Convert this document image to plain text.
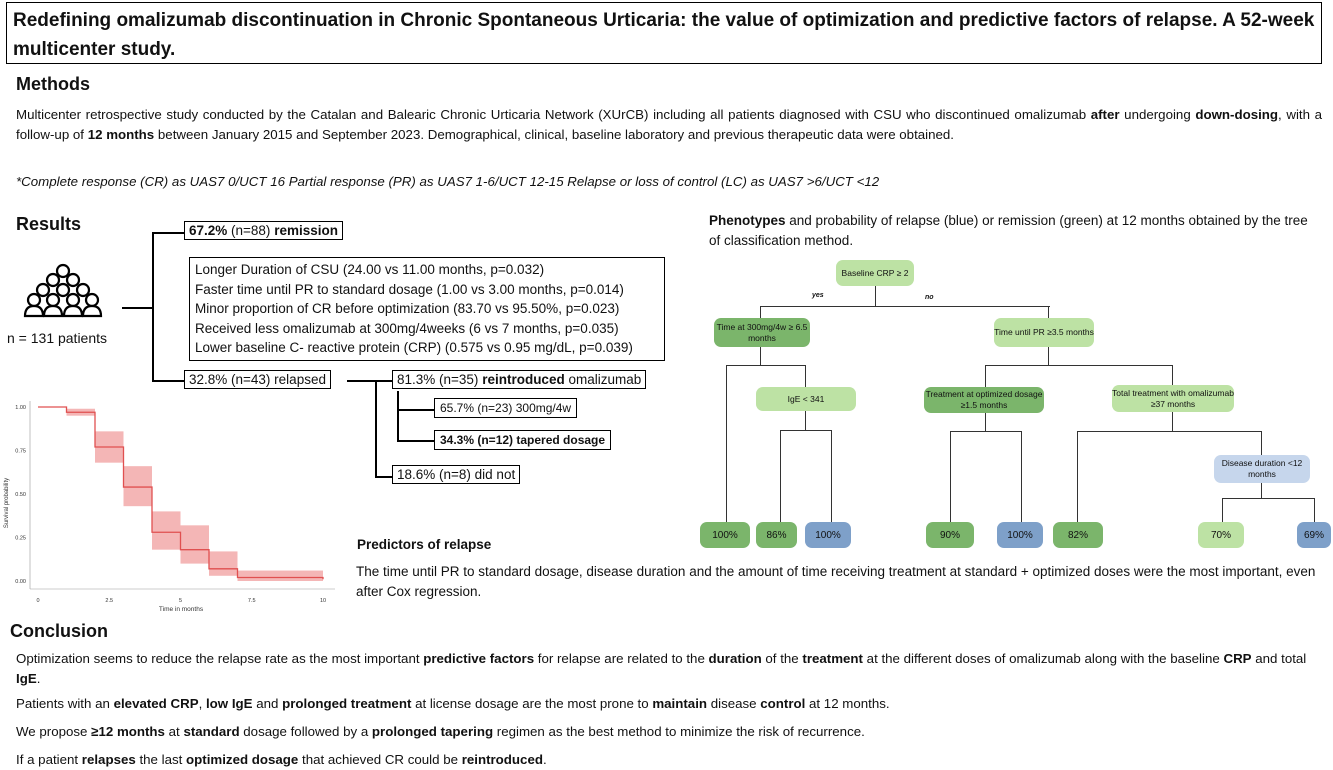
Redefining omalizumab discontinuation in Chronic Spontaneous Urticaria: the value of optimization and predictive factors of relapse. A 52-week multicenter study.
Methods
Multicenter retrospective study conducted by the Catalan and Balearic Chronic Urticaria Network (XUrCB) including all patients diagnosed with CSU who discontinued omalizumab after undergoing down-dosing, with a follow-up of 12 months between January 2015 and September 2023. Demographical, clinical, baseline laboratory and previous therapeutic data were obtained.
*Complete response (CR) as UAS7 0/UCT 16 Partial response (PR) as UAS7 1-6/UCT 12-15 Relapse or loss of control (LC) as UAS7 >6/UCT <12
Results
n = 131 patients
67.2% (n=88) remission
Longer Duration of CSU (24.00 vs 11.00 months, p=0.032)
Faster time until PR to standard dosage (1.00 vs 3.00 months, p=0.014)
Minor proportion of CR before optimization (83.70 vs 95.50%, p=0.023)
Received less omalizumab at 300mg/4weeks (6 vs 7 months, p=0.035)
Lower baseline C- reactive protein (CRP) (0.575 vs 0.95 mg/dL, p=0.039)
32.8% (n=43) relapsed	81.3% (n=35) reintroduced omalizumab
65.7% (n=23) 300mg/4w
34.3% (n=12) tapered dosage
18.6% (n=8) did not
Survival probability
Time in months
0.00
0.25
0.50
0.75
1.00
0	2.5	5	7.5	10
Phenotypes and probability of relapse (blue) or remission (green) at 12 months obtained by the tree of classification method.
yes	no
Baseline CRP ≥ 2
Time at 300mg/4w ≥ 6.5 months
Time until PR ≥3.5 months
IgE < 341	Treatment at optimized dosage ≥1.5 months
Total treatment with omalizumab ≥37 months
Disease duration <12 months
100%	86%	100%	90%	100%	82%	70%	69%
Predictors of relapse
The time until PR to standard dosage, disease duration and the amount of time receiving treatment at standard + optimized doses were the most important, even after Cox regression.
Conclusion
Optimization seems to reduce the relapse rate as the most important predictive factors for relapse are related to the duration of the treatment at the different doses of omalizumab along with the baseline CRP and total IgE.
Patients with an elevated CRP, low IgE and prolonged treatment at license dosage are the most prone to maintain disease control at 12 months.
We propose ≥12 months at standard dosage followed by a prolonged tapering regimen as the best method to minimize the risk of recurrence.
If a patient relapses the last optimized dosage that achieved CR could be reintroduced.
